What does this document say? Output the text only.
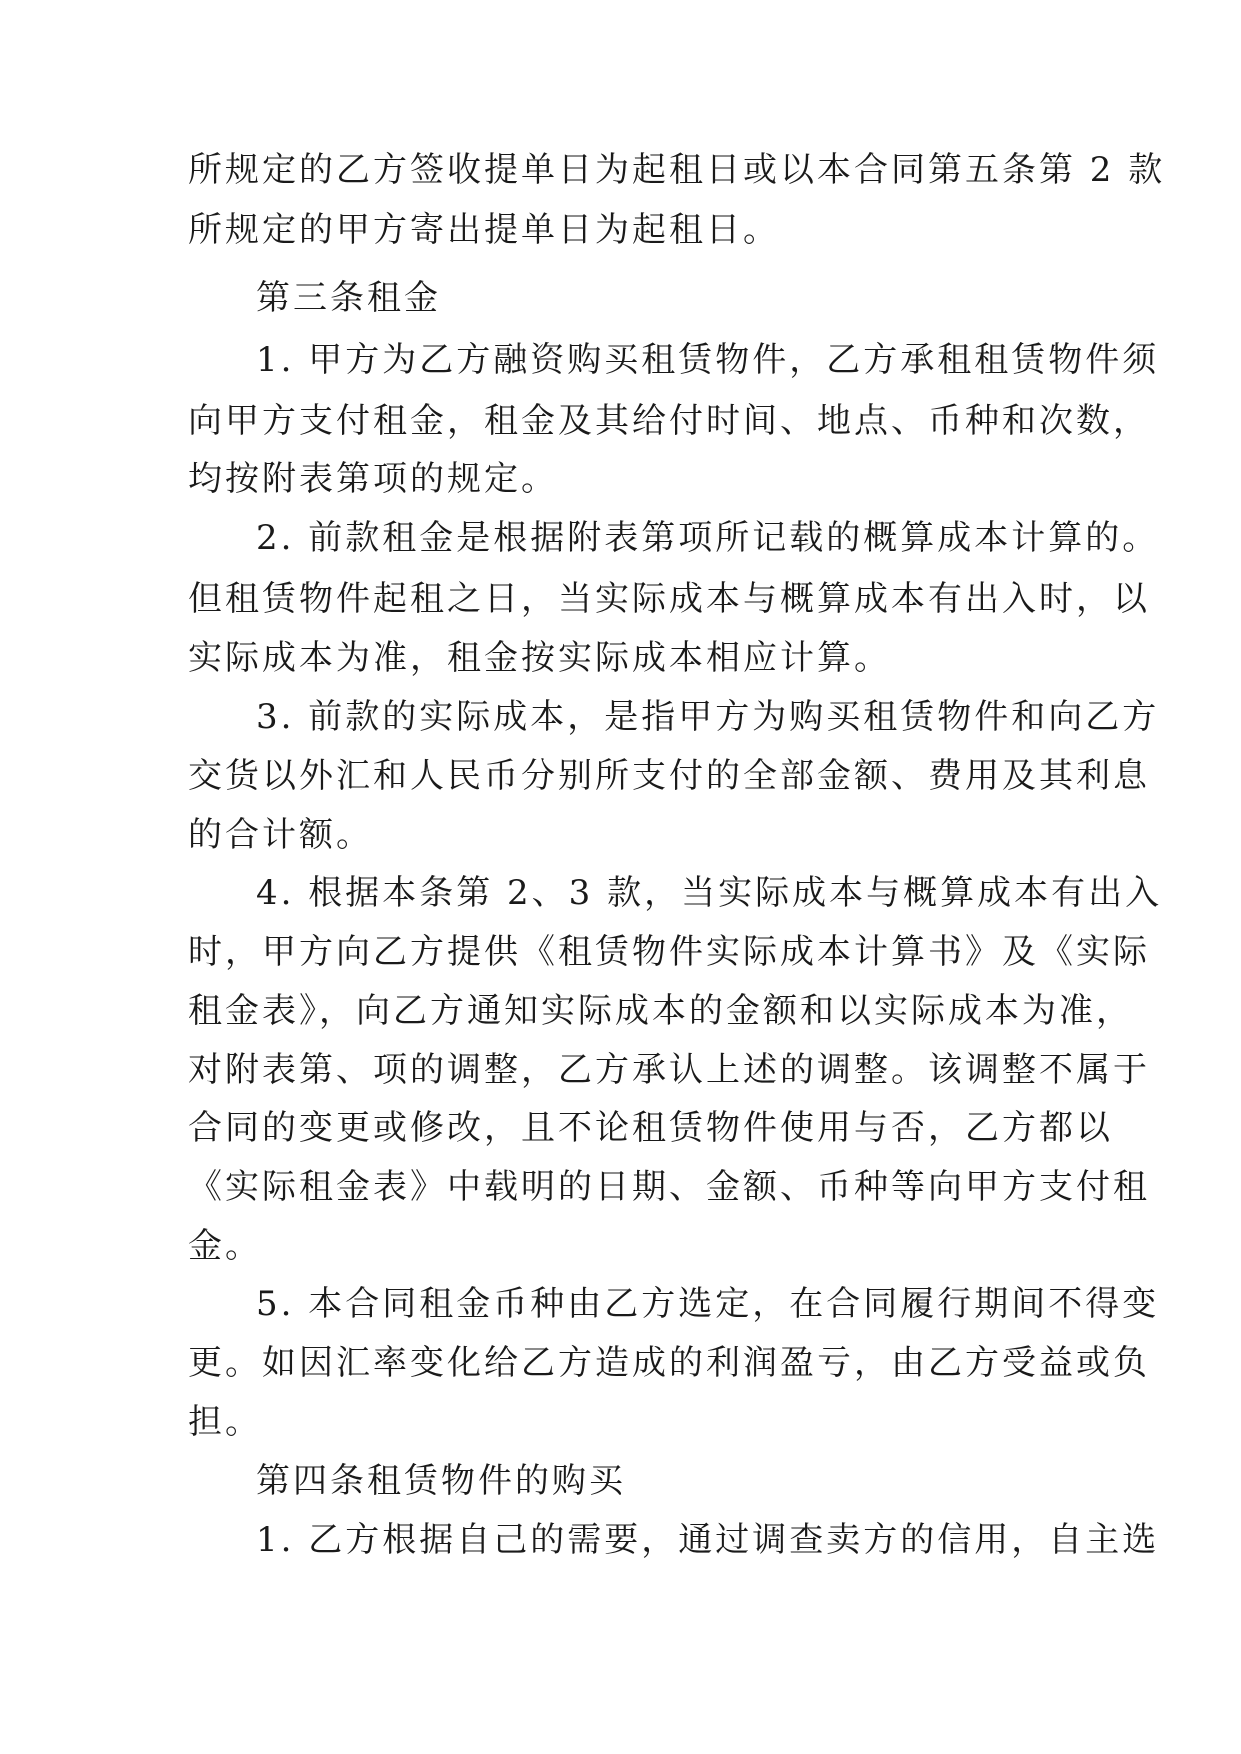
所规定的乙方签收提单日为起租日或以本合同第五条第 2 款
所规定的甲方寄出提单日为起租日。
第三条租金
1. 甲方为乙方融资购买租赁物件，乙方承租租赁物件须
向甲方支付租金，租金及其给付时间、地点、币种和次数，
均按附表第项的规定。
2. 前款租金是根据附表第项所记载的概算成本计算的。
但租赁物件起租之日，当实际成本与概算成本有出入时，以
实际成本为准，租金按实际成本相应计算。
3. 前款的实际成本，是指甲方为购买租赁物件和向乙方
交货以外汇和人民币分别所支付的全部金额、费用及其利息
的合计额。
4. 根据本条第 2、3 款，当实际成本与概算成本有出入
时，甲方向乙方提供《租赁物件实际成本计算书》及《实际
租金表》，向乙方通知实际成本的金额和以实际成本为准，
对附表第、项的调整，乙方承认上述的调整。该调整不属于
合同的变更或修改，且不论租赁物件使用与否，乙方都以
《实际租金表》中载明的日期、金额、币种等向甲方支付租
金。
5. 本合同租金币种由乙方选定，在合同履行期间不得变
更。如因汇率变化给乙方造成的利润盈亏，由乙方受益或负
担。
第四条租赁物件的购买
1. 乙方根据自己的需要，通过调查卖方的信用，自主选
